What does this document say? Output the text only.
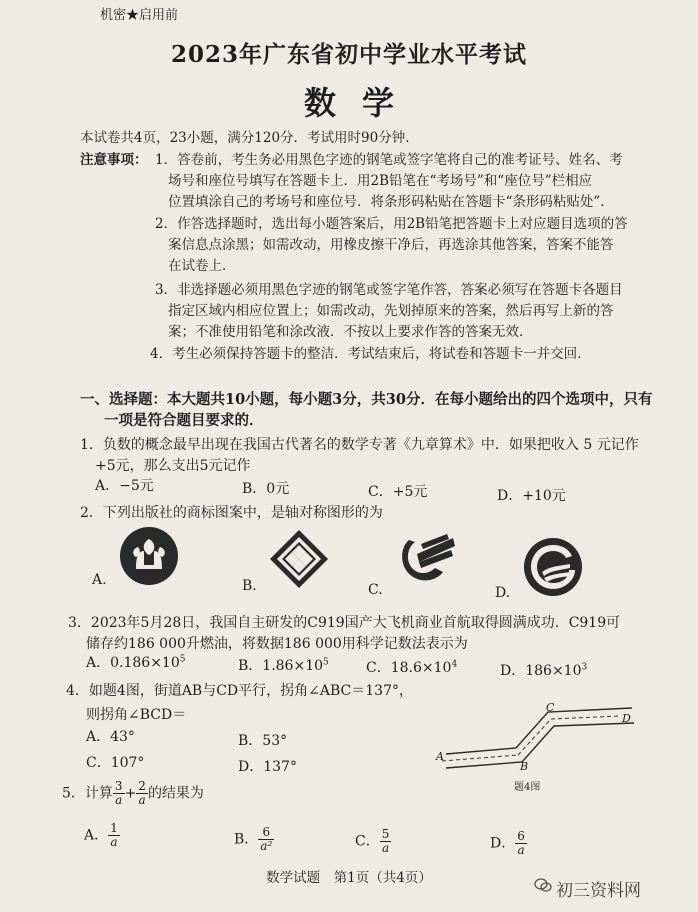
机密★启用前
2023年广东省初中学业水平考试
数学
本试卷共4页，23小题，满分120分．考试用时90分钟．
注意事项： 1．答卷前，考生务必用黑色字迹的钢笔或签字笔将自己的准考证号、姓名、考
场号和座位号填写在答题卡上．用2B铅笔在“考场号”和“座位号”栏相应
位置填涂自己的考场号和座位号．将条形码粘贴在答题卡“条形码粘贴处”．
2．作答选择题时，选出每小题答案后，用2B铅笔把答题卡上对应题目选项的答
案信息点涂黑；如需改动，用橡皮擦干净后，再选涂其他答案，答案不能答
在试卷上．
3．非选择题必须用黑色字迹的钢笔或签字笔作答，答案必须写在答题卡各题目
指定区域内相应位置上；如需改动，先划掉原来的答案，然后再写上新的答
案；不准使用铅笔和涂改液．不按以上要求作答的答案无效．
4．考生必须保持答题卡的整洁．考试结束后，将试卷和答题卡一并交回．
一、选择题：本大题共10小题，每小题3分，共30分．在每小题给出的四个选项中，只有
一项是符合题目要求的．
1．负数的概念最早出现在我国古代著名的数学专著《九章算术》中．如果把收入 5 元记作
+5元，那么支出5元记作
A．−5元	B．0元	C．+5元	D．+10元
2．下列出版社的商标图案中，是轴对称图形的为
A.	B.	C.	D.
3．2023年5月28日，我国自主研发的C919国产大飞机商业首航取得圆满成功．C919可
储存约186 000升燃油，将数据186 000用科学记数法表示为
A．$0.186\times 10^5$	B．$1.86\times 10^5$	C．$18.6\times 10^4$	D．$186\times 10^3$
4．如题4图，街道AB与CD平行，拐角∠ABC＝137°，
则拐角∠BCD＝
A．43°	B．53°
C．107°	D．137°
A
B
C
D
题4图
5．计算 $\frac{3}{a} + \frac{2}{a}$ 的结果为
A． $\frac{1}{a}$	B． $\frac{6}{\text{a²}}$	C． $\frac{5}{a}$	D． $\frac{6}{a}$
数学试题　第1页（共4页）
初三资料网
